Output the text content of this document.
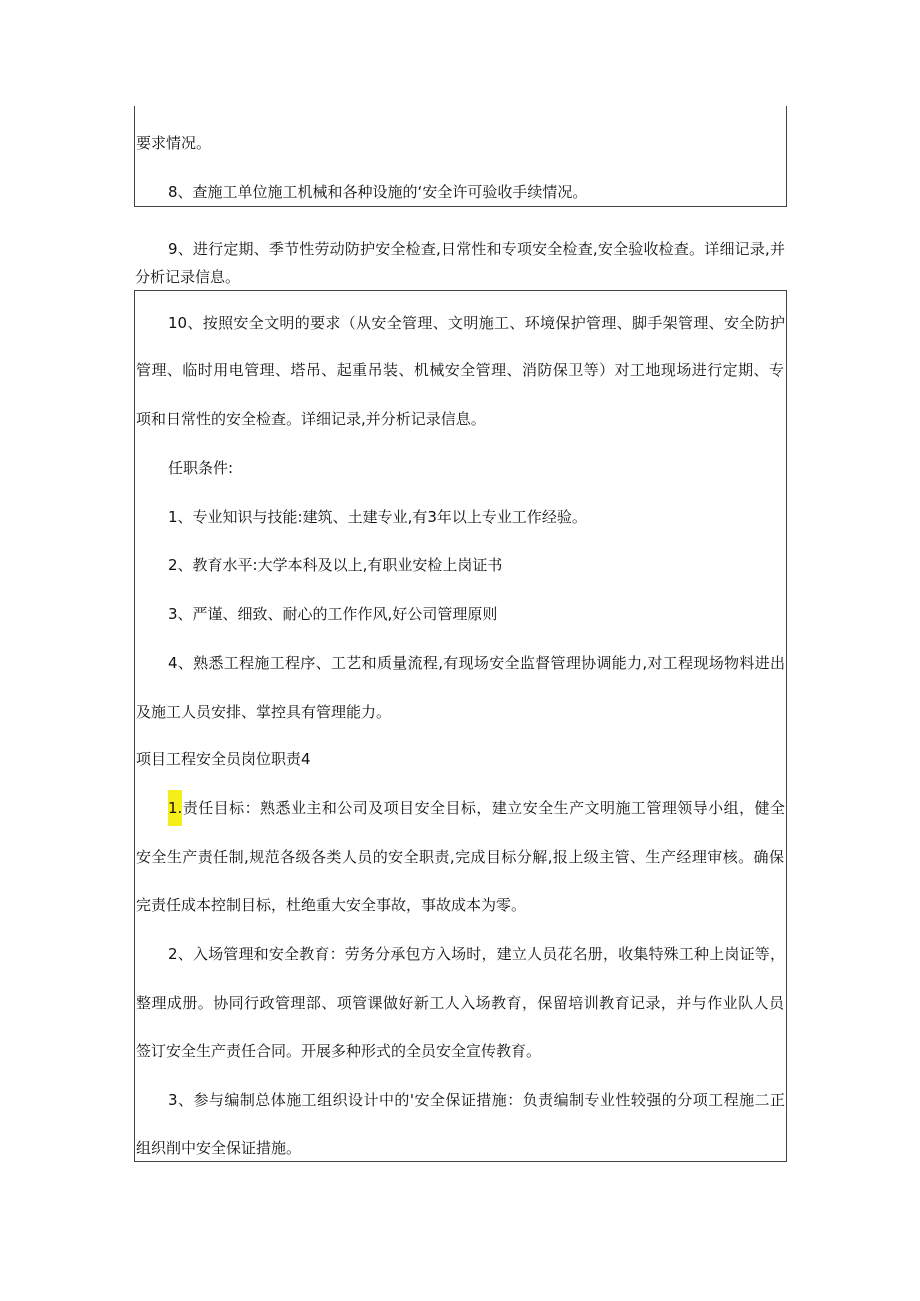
要求情况。

8、查施工单位施工机械和各种设施的‘安全许可验收手续情况。

9、进行定期、季节性劳动防护安全检查,日常性和专项安全检查,安全验收检查。详细记录,并

分析记录信息。

10、按照安全文明的要求（从安全管理、文明施工、环境保护管理、脚手架管理、安全防护

管理、临时用电管理、塔吊、起重吊装、机械安全管理、消防保卫等）对工地现场进行定期、专

项和日常性的安全检查。详细记录,并分析记录信息。

任职条件:

1、专业知识与技能:建筑、土建专业,有3年以上专业工作经验。

2、教育水平:大学本科及以上,有职业安检上岗证书

3、严谨、细致、耐心的工作作风,好公司管理原则

4、熟悉工程施工程序、工艺和质量流程,有现场安全监督管理协调能力,对工程现场物料进出

及施工人员安排、掌控具有管理能力。

项目工程安全员岗位职责4

1.责任目标：熟悉业主和公司及项目安全目标，建立安全生产文明施工管理领导小组，健全

安全生产责任制,规范各级各类人员的安全职责,完成目标分解,报上级主管、生产经理审核。确保

完责任成本控制目标，杜绝重大安全事故，事故成本为零。

2、入场管理和安全教育：劳务分承包方入场时，建立人员花名册，收集特殊工种上岗证等，

整理成册。协同行政管理部、项管课做好新工人入场教育，保留培训教育记录，并与作业队人员

签订安全生产责任合同。开展多种形式的全员安全宣传教育。

3、参与编制总体施工组织设计中的'安全保证措施：负责编制专业性较强的分项工程施二正

组织削中安全保证措施。
